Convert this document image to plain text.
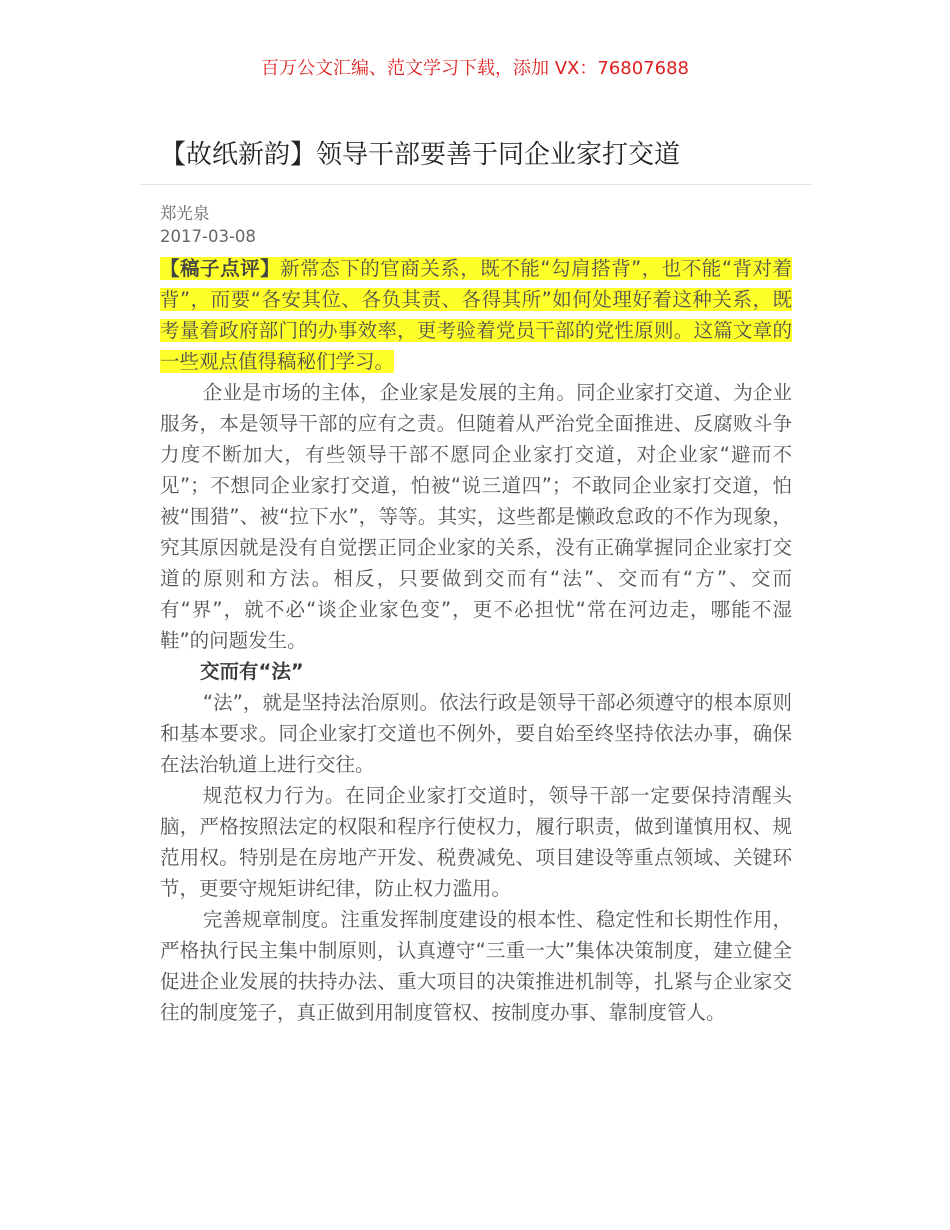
百万公文汇编、范文学习下载，添加 VX：76807688
【故纸新韵】领导干部要善于同企业家打交道
郑光泉
2017-03-08

【稿子点评】新常态下的官商关系，既不能“勾肩搭背”，也不能“背对着背”，而要“各安其位、各负其责、各得其所”如何处理好着这种关系，既考量着政府部门的办事效率，更考验着党员干部的党性原则。这篇文章的一些观点值得稿秘们学习。

企业是市场的主体，企业家是发展的主角。同企业家打交道、为企业服务，本是领导干部的应有之责。但随着从严治党全面推进、反腐败斗争力度不断加大，有些领导干部不愿同企业家打交道，对企业家“避而不见”；不想同企业家打交道，怕被“说三道四”；不敢同企业家打交道，怕被“围猎”、被“拉下水”，等等。其实，这些都是懒政怠政的不作为现象，究其原因就是没有自觉摆正同企业家的关系，没有正确掌握同企业家打交道的原则和方法。相反，只要做到交而有“法”、交而有“方”、交而有“界”，就不必“谈企业家色变”，更不必担忧“常在河边走，哪能不湿鞋”的问题发生。

交而有“法”

“法”，就是坚持法治原则。依法行政是领导干部必须遵守的根本原则和基本要求。同企业家打交道也不例外，要自始至终坚持依法办事，确保在法治轨道上进行交往。

规范权力行为。在同企业家打交道时，领导干部一定要保持清醒头脑，严格按照法定的权限和程序行使权力，履行职责，做到谨慎用权、规范用权。特别是在房地产开发、税费减免、项目建设等重点领域、关键环节，更要守规矩讲纪律，防止权力滥用。

完善规章制度。注重发挥制度建设的根本性、稳定性和长期性作用，严格执行民主集中制原则，认真遵守“三重一大”集体决策制度，建立健全促进企业发展的扶持办法、重大项目的决策推进机制等，扎紧与企业家交往的制度笼子，真正做到用制度管权、按制度办事、靠制度管人。
